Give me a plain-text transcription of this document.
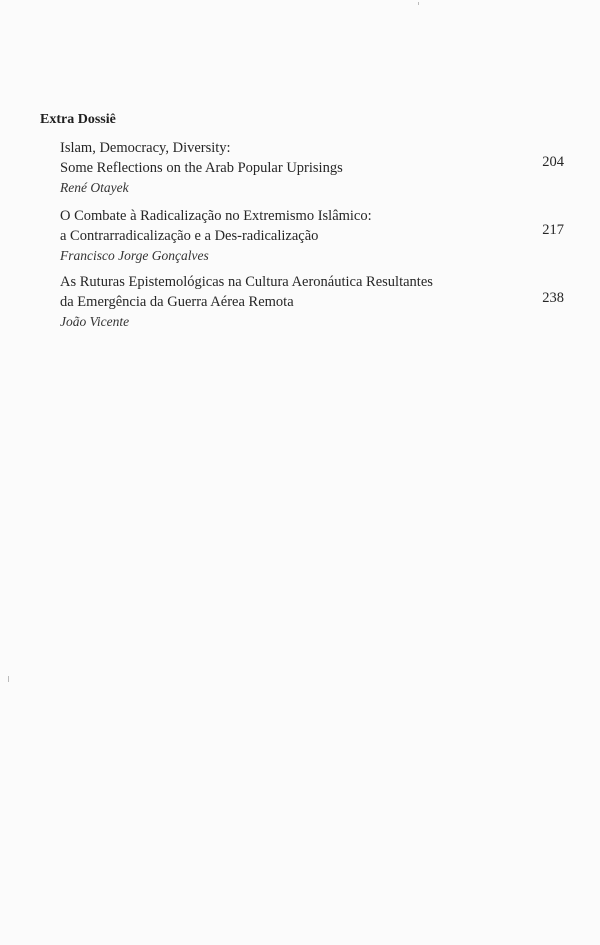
Extra Dossiê
Islam, Democracy, Diversity:
Some Reflections on the Arab Popular Uprisings
René Otayek
204
O Combate à Radicalização no Extremismo Islâmico:
a Contrarradicalização e a Des-radicalização
Francisco Jorge Gonçalves
217
As Ruturas Epistemológicas na Cultura Aeronáutica Resultantes
da Emergência da Guerra Aérea Remota
João Vicente
238
